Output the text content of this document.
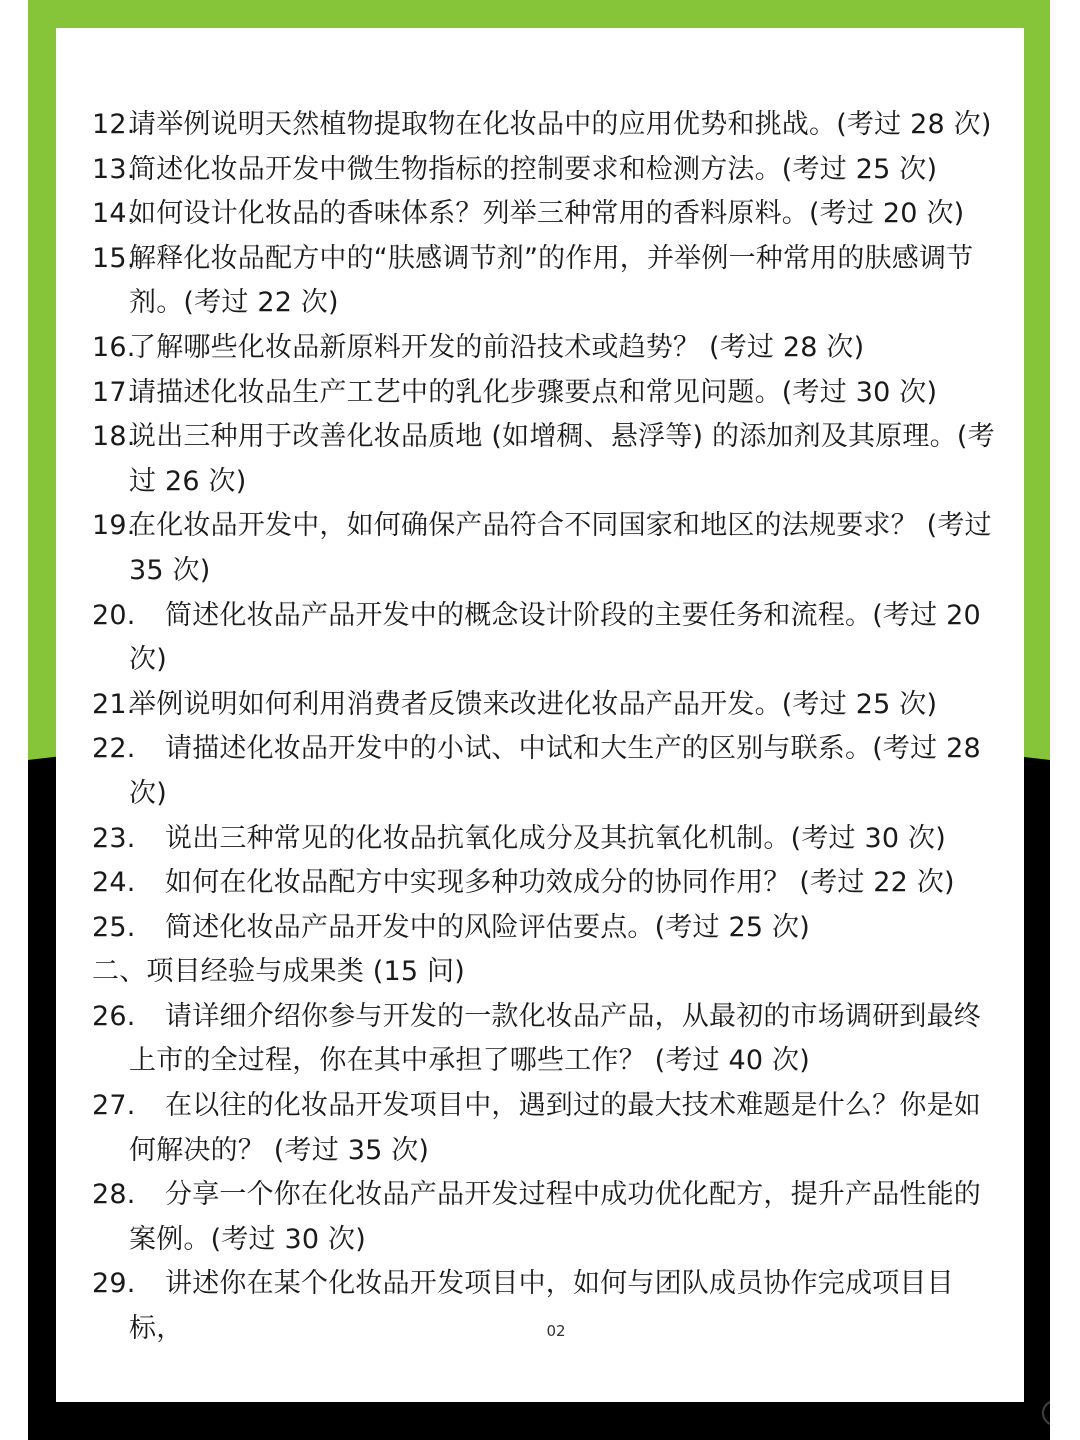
12.请举例说明天然植物提取物在化妆品中的应用优势和挑战。(考过 28 次)

13.简述化妆品开发中微生物指标的控制要求和检测方法。(考过 25 次)

14.如何设计化妆品的香味体系？列举三种常用的香料原料。(考过 20 次)

15.解释化妆品配方中的“肤感调节剂”的作用，并举例一种常用的肤感调节剂。(考过 22 次)

16.了解哪些化妆品新原料开发的前沿技术或趋势？ (考过 28 次)

17.请描述化妆品生产工艺中的乳化步骤要点和常见问题。(考过 30 次)

18.说出三种用于改善化妆品质地 (如增稠、悬浮等) 的添加剂及其原理。(考过 26 次)

19.在化妆品开发中，如何确保产品符合不同国家和地区的法规要求？ (考过 35 次)

20. 简述化妆品产品开发中的概念设计阶段的主要任务和流程。(考过 20 次)

21.举例说明如何利用消费者反馈来改进化妆品产品开发。(考过 25 次)

22. 请描述化妆品开发中的小试、中试和大生产的区别与联系。(考过 28 次)

23. 说出三种常见的化妆品抗氧化成分及其抗氧化机制。(考过 30 次)

24. 如何在化妆品配方中实现多种功效成分的协同作用？ (考过 22 次)

25. 简述化妆品产品开发中的风险评估要点。(考过 25 次)

二、项目经验与成果类 (15 问)

26. 请详细介绍你参与开发的一款化妆品产品，从最初的市场调研到最终上市的全过程，你在其中承担了哪些工作？ (考过 40 次)

27. 在以往的化妆品开发项目中，遇到过的最大技术难题是什么？你是如何解决的？ (考过 35 次)

28. 分享一个你在化妆品产品开发过程中成功优化配方，提升产品性能的案例。(考过 30 次)

29. 讲述你在某个化妆品开发项目中，如何与团队成员协作完成项目目标，	02
